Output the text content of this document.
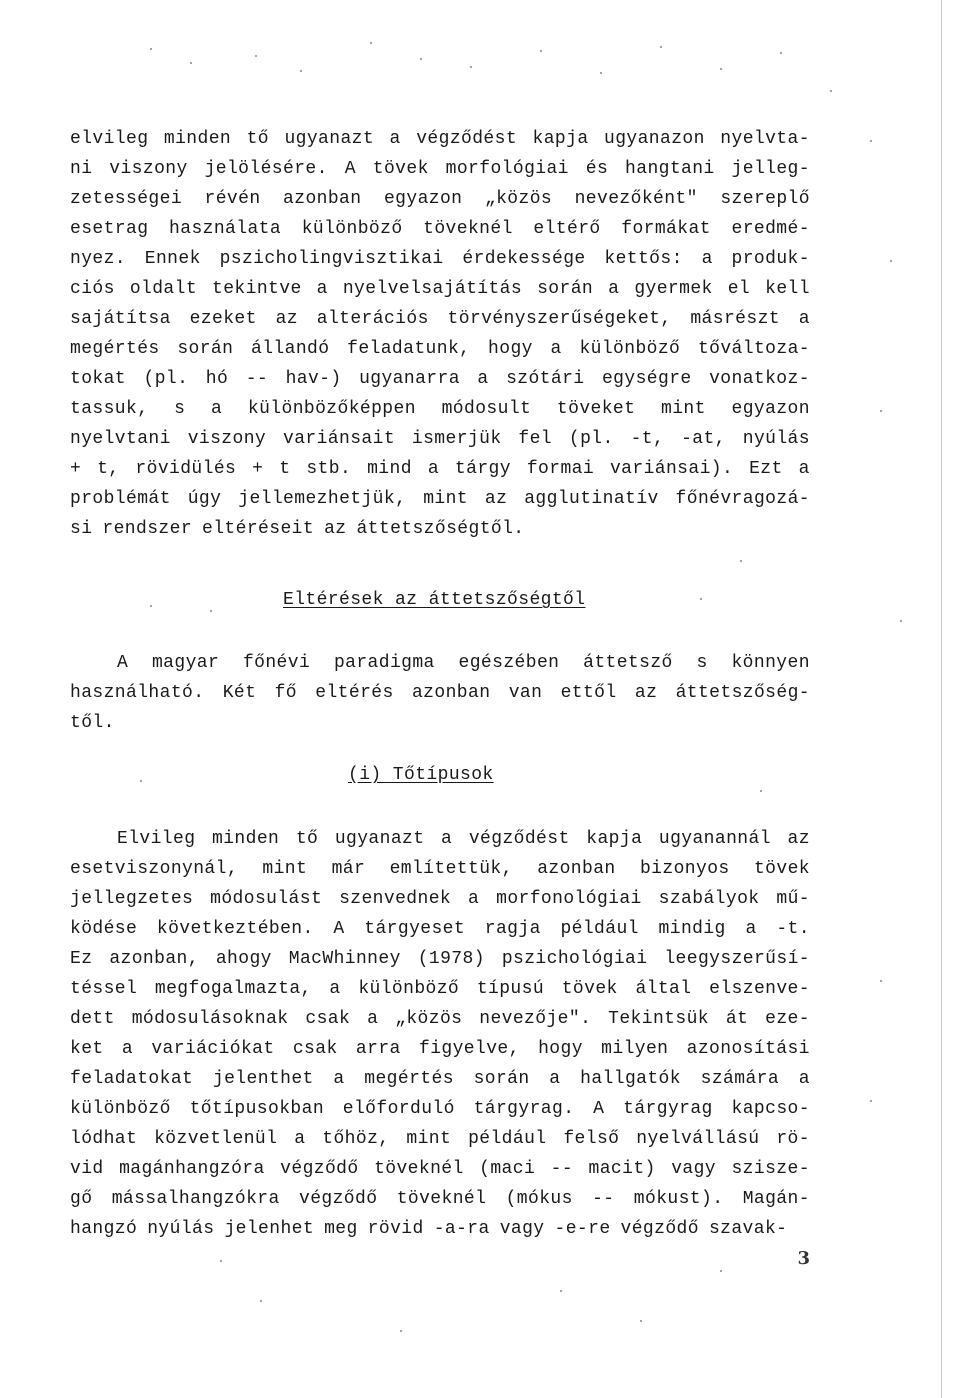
elvileg minden tő ugyanazt a végződést kapja ugyanazon nyelvta-
ni viszony jelölésére. A tövek morfológiai és hangtani jelleg-
zetességei révén azonban egyazon „közös nevezőként" szereplő
esetrag használata különböző töveknél eltérő formákat eredmé-
nyez. Ennek pszicholingvisztikai érdekessége kettős: a produk-
ciós oldalt tekintve a nyelvelsajátítás során a gyermek el kell
sajátítsa ezeket az alterációs törvényszerűségeket, másrészt a
megértés során állandó feladatunk, hogy a különböző tőváltoza-
tokat (pl. hó -- hav-) ugyanarra a szótári egységre vonatkoz-
tassuk, s a különbözőképpen módosult töveket mint egyazon
nyelvtani viszony variánsait ismerjük fel (pl. -t, -at, nyúlás
+ t, rövidülés + t stb. mind a tárgy formai variánsai). Ezt a
problémát úgy jellemezhetjük, mint az agglutinatív főnévragozá-
si rendszer eltéréseit az áttetszőségtől.
Eltérések az áttetszőségtől
A magyar főnévi paradigma egészében áttetsző s könnyen
használható. Két fő eltérés azonban van ettől az áttetszőség-
től.
(i) Tőtípusok
Elvileg minden tő ugyanazt a végződést kapja ugyanannál az
esetviszonynál, mint már említettük, azonban bizonyos tövek
jellegzetes módosulást szenvednek a morfonológiai szabályok mű-
ködése következtében. A tárgyeset ragja például mindig a -t.
Ez azonban, ahogy MacWhinney (1978) pszichológiai leegyszerűsí-
téssel megfogalmazta, a különböző típusú tövek által elszenve-
dett módosulásoknak csak a „közös nevezője". Tekintsük át eze-
ket a variációkat csak arra figyelve, hogy milyen azonosítási
feladatokat jelenthet a megértés során a hallgatók számára a
különböző tőtípusokban előforduló tárgyrag. A tárgyrag kapcso-
lódhat közvetlenül a tőhöz, mint például felső nyelvállású rö-
vid magánhangzóra végződő töveknél (maci -- macit) vagy szisze-
gő mássalhangzókra végződő töveknél (mókus -- mókust). Magán-
hangzó nyúlás jelenhet meg rövid -a-ra vagy -e-re végződő szavak-
3
